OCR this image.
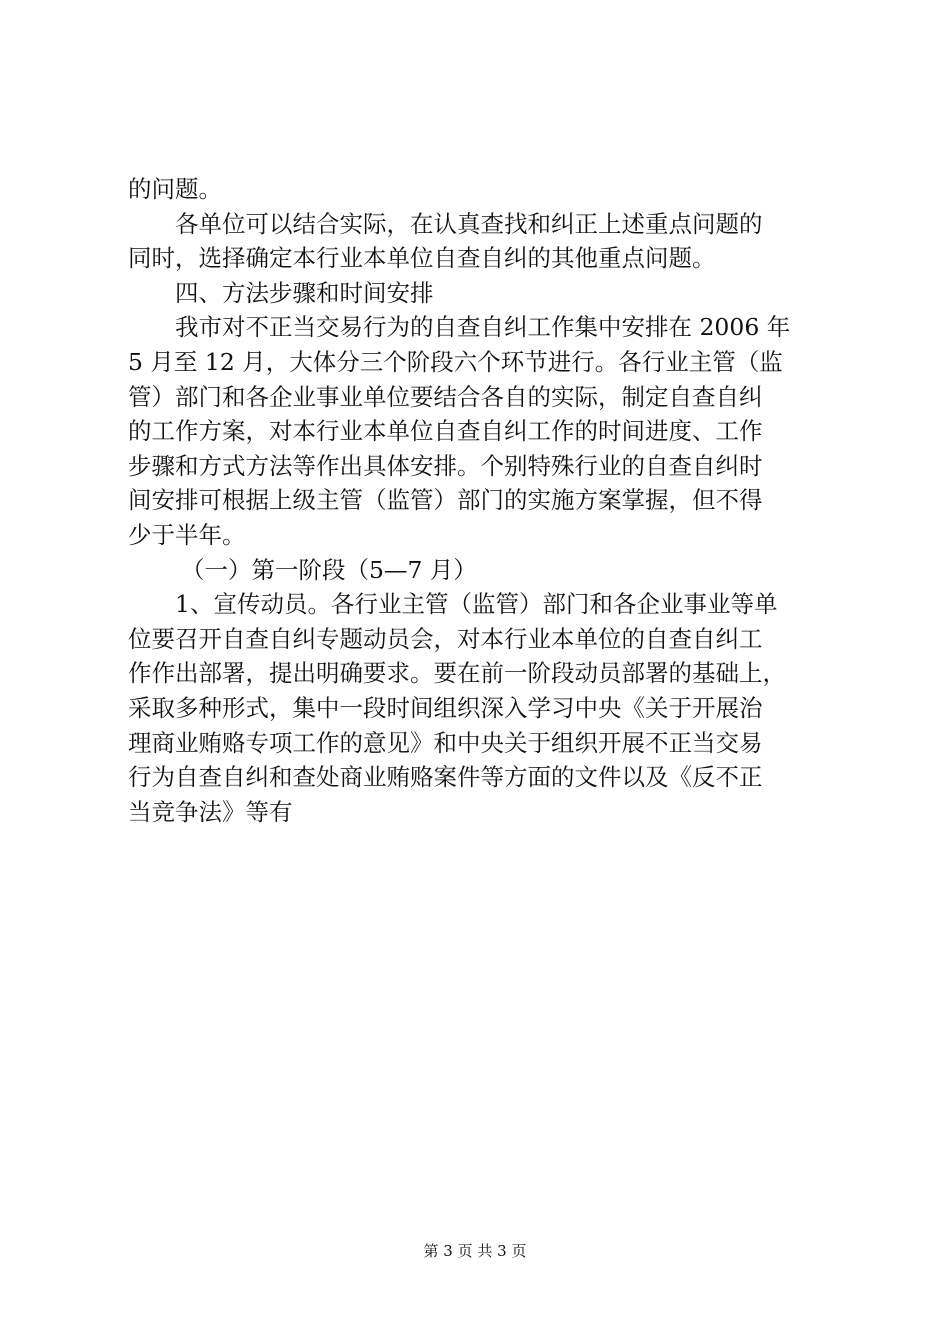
的问题。
各单位可以结合实际，在认真查找和纠正上述重点问题的
同时，选择确定本行业本单位自查自纠的其他重点问题。
四、方法步骤和时间安排
我市对不正当交易行为的自查自纠工作集中安排在 2006 年
5 月至 12 月，大体分三个阶段六个环节进行。各行业主管（监
管）部门和各企业事业单位要结合各自的实际，制定自查自纠
的工作方案，对本行业本单位自查自纠工作的时间进度、工作
步骤和方式方法等作出具体安排。个别特殊行业的自查自纠时
间安排可根据上级主管（监管）部门的实施方案掌握，但不得
少于半年。
（一）第一阶段（5—7 月）
1、宣传动员。各行业主管（监管）部门和各企业事业等单
位要召开自查自纠专题动员会，对本行业本单位的自查自纠工
作作出部署，提出明确要求。要在前一阶段动员部署的基础上，
采取多种形式，集中一段时间组织深入学习中央《关于开展治
理商业贿赂专项工作的意见》和中央关于组织开展不正当交易
行为自查自纠和查处商业贿赂案件等方面的文件以及《反不正
当竞争法》等有
第 3 页 共 3 页
